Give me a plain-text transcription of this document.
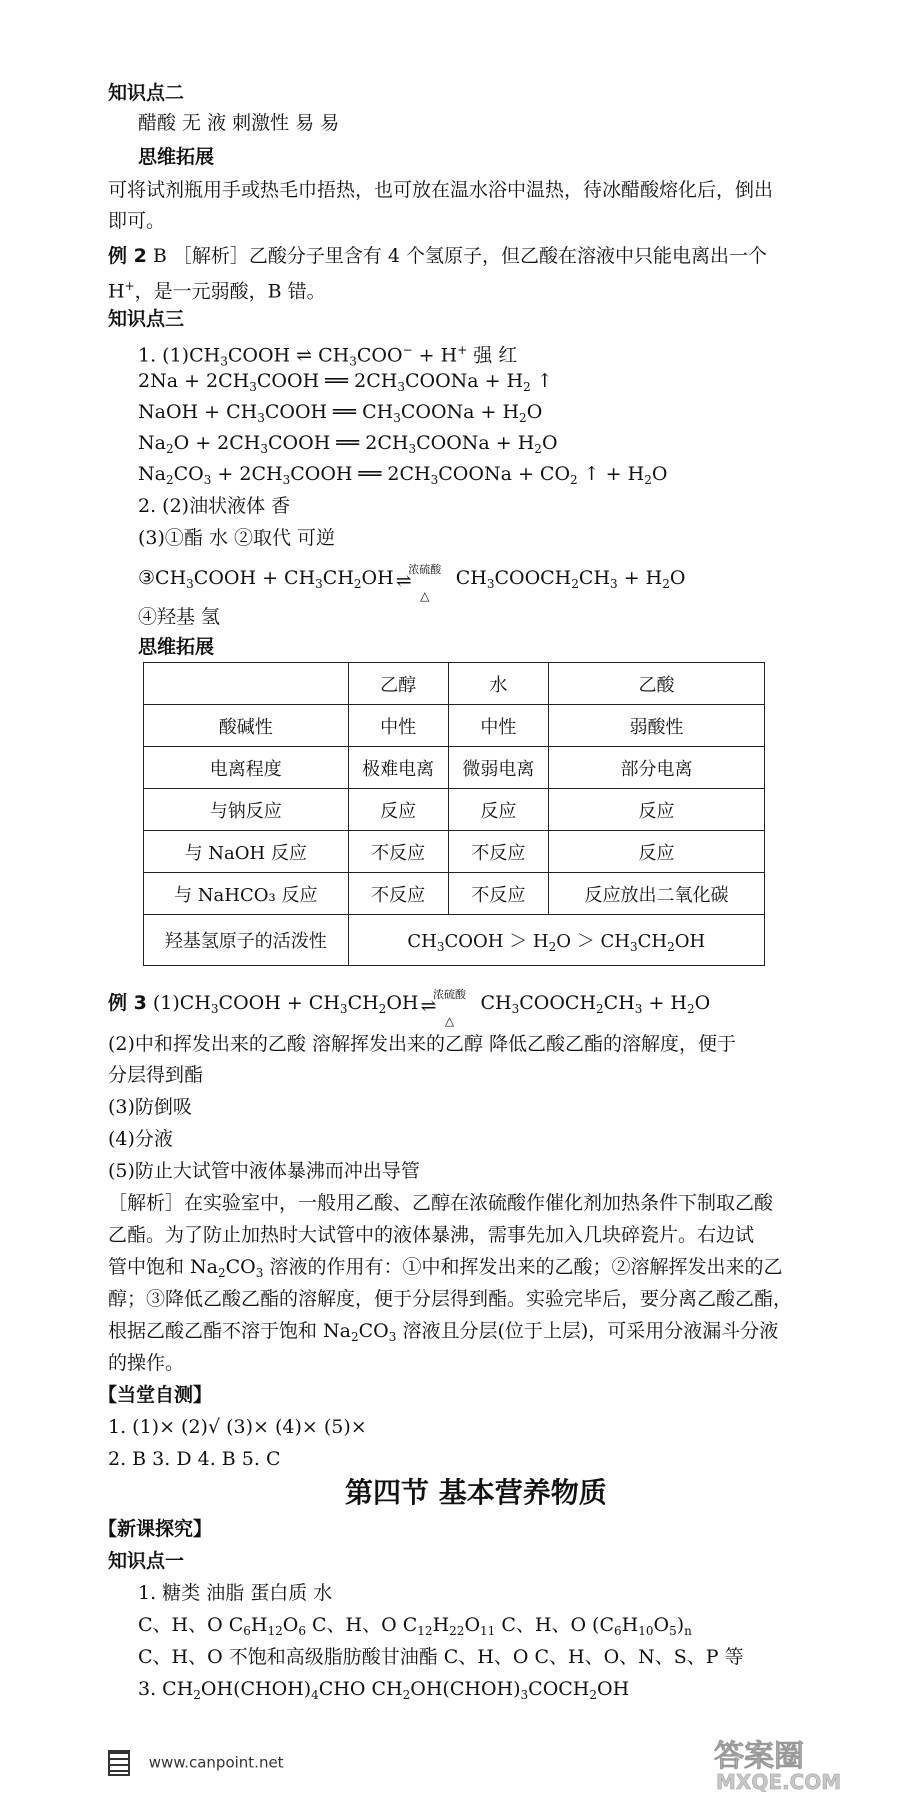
知识点二
醋酸 无 液 刺激性 易 易
思维拓展
可将试剂瓶用手或热毛巾捂热，也可放在温水浴中温热，待冰醋酸熔化后，倒出
即可。
例 2 B ［解析］乙酸分子里含有 4 个氢原子，但乙酸在溶液中只能电离出一个
H+，是一元弱酸，B 错。
知识点三
1. $(1)CH_3COOH$ ⇌ $CH_3COO^- + H^+$ 强 红
$2Na + 2CH_3COOH$ ══ $2CH_3COONa + H_2$ ↑
NaOH + $CH_3COOH$ ══ $CH_3COONa + H_2O$
$Na_2O$ + $2CH_3COOH$ ══ $2CH_3COONa + H_2O$
$Na_2CO_3$ + $2CH_3COOH$ ══ $2CH_3COONa + CO_2$ ↑ + $H_2O$
2. (2)油状液体 香
(3)①酯 水 ②取代 可逆
$③CH_3COOH + CH_3CH_2OH$	浓硫酸
⇌
△
$CH_3COOCH_2CH_3 + H_2O$
④羟基 氢
思维拓展
	乙醇	水	乙酸
酸碱性	中性	中性	弱酸性
电离程度	极难电离	微弱电离	部分电离
与钠反应	反应	反应	反应
与 NaOH 反应	不反应	不反应	反应
与 NaHCO₃ 反应	不反应	不反应	反应放出二氧化碳
羟基氢原子的活泼性	$CH_3COOH > H_2O > CH_3CH_2OH$		
例 3 $(1)CH_3COOH + CH_3CH_2OH$	浓硫酸
⇌
△
$CH_3COOCH_2CH_3 + H_2O$
(2)中和挥发出来的乙酸 溶解挥发出来的乙醇 降低乙酸乙酯的溶解度，便于
分层得到酯
(3)防倒吸
(4)分液
(5)防止大试管中液体暴沸而冲出导管
［解析］在实验室中，一般用乙酸、乙醇在浓硫酸作催化剂加热条件下制取乙酸
乙酯。为了防止加热时大试管中的液体暴沸，需事先加入几块碎瓷片。右边试
管中饱和 $Na_2CO_3$ 溶液的作用有：①中和挥发出来的乙酸；②溶解挥发出来的乙
醇；③降低乙酸乙酯的溶解度，便于分层得到酯。实验完毕后，要分离乙酸乙酯，
根据乙酸乙酯不溶于饱和 $Na_2CO_3$ 溶液且分层(位于上层)，可采用分液漏斗分液
的操作。
【当堂自测】
1. (1)× (2)√ (3)× (4)× (5)×
2. B 3. D 4. B 5. C
第四节 基本营养物质
【新课探究】
知识点一
1. 糖类 油脂 蛋白质 水
C、H、O $C_6H_{12}O_6$ C、H、O $C_{12}H_{22}O_{11}$ C、H、O $(C_6H_{10}O_5)_n$
C、H、O 不饱和高级脂肪酸甘油酯 C、H、O C、H、O、N、S、P 等
3. $CH_2OH(CHOH)_4CHO$ $CH_2OH(CHOH)_3COCH_2OH$
www.canpoint.net	答案圈
MXQE.COM
